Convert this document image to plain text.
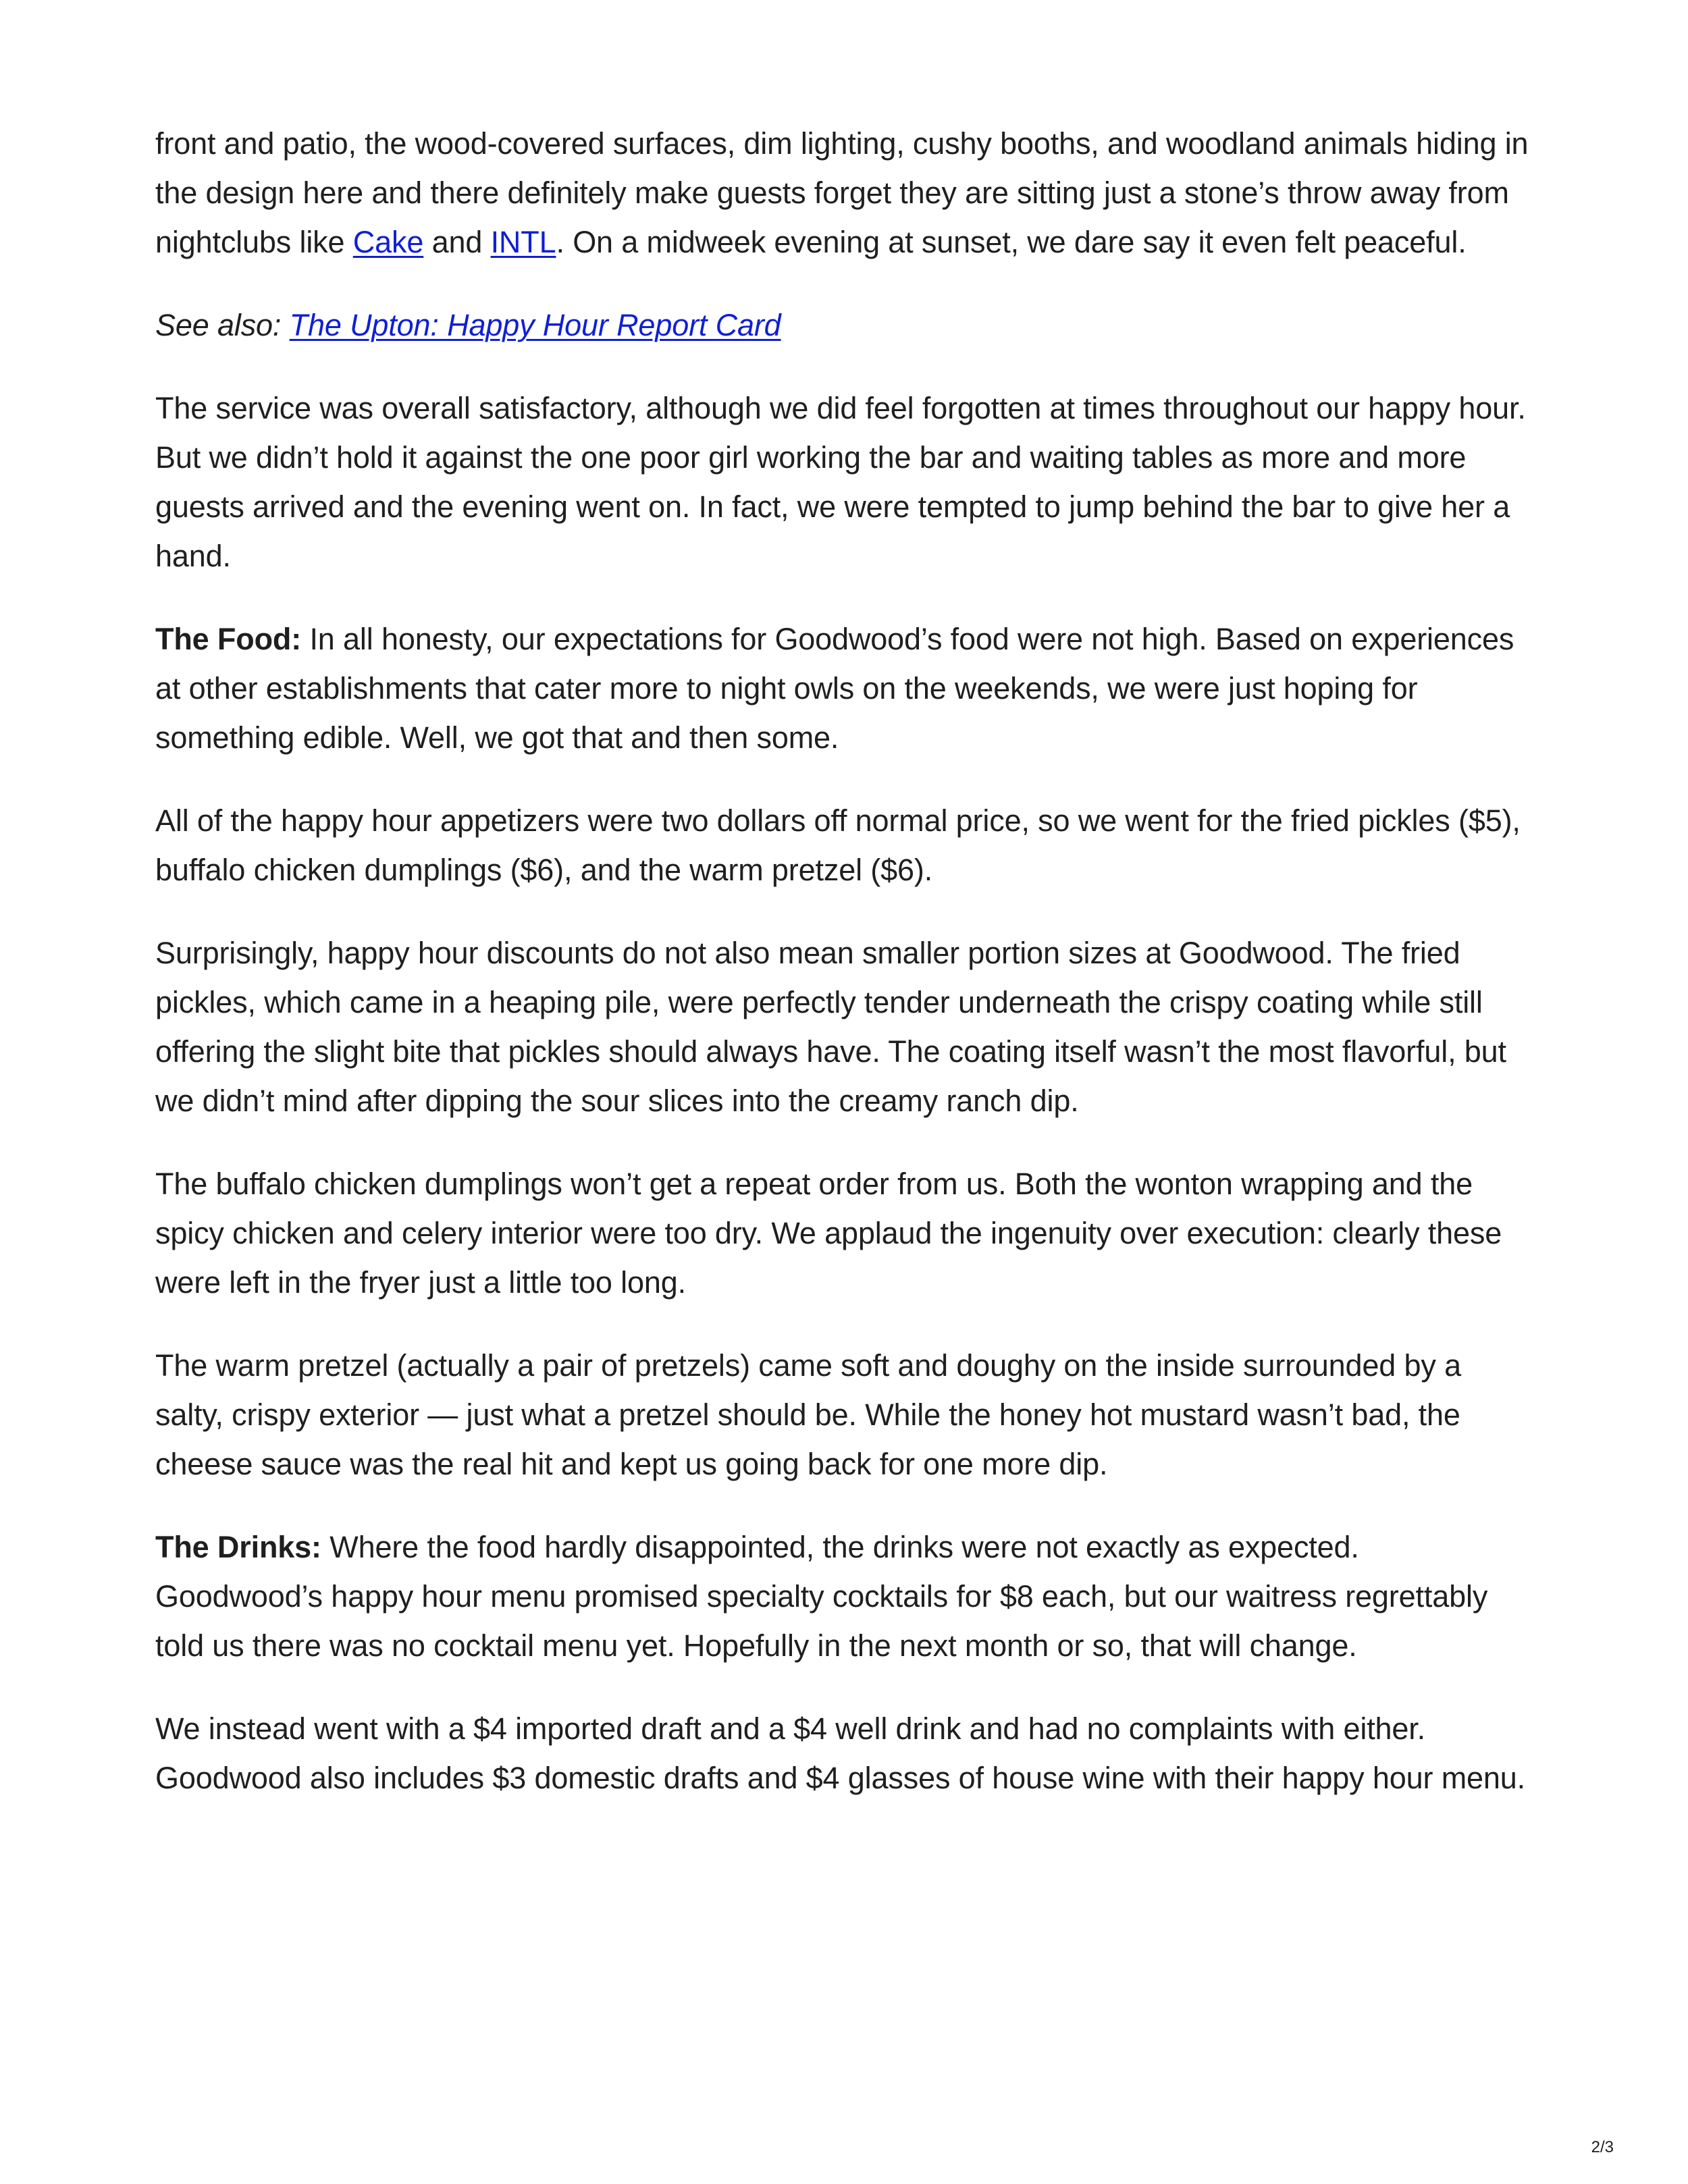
front and patio, the wood-covered surfaces, dim lighting, cushy booths, and woodland animals hiding in the design here and there definitely make guests forget they are sitting just a stone’s throw away from nightclubs like Cake and INTL. On a midweek evening at sunset, we dare say it even felt peaceful.

See also: The Upton: Happy Hour Report Card

The service was overall satisfactory, although we did feel forgotten at times throughout our happy hour. But we didn’t hold it against the one poor girl working the bar and waiting tables as more and more guests arrived and the evening went on. In fact, we were tempted to jump behind the bar to give her a hand.

The Food: In all honesty, our expectations for Goodwood’s food were not high. Based on experiences at other establishments that cater more to night owls on the weekends, we were just hoping for something edible. Well, we got that and then some.

All of the happy hour appetizers were two dollars off normal price, so we went for the fried pickles ($5), buffalo chicken dumplings ($6), and the warm pretzel ($6).

Surprisingly, happy hour discounts do not also mean smaller portion sizes at Goodwood. The fried pickles, which came in a heaping pile, were perfectly tender underneath the crispy coating while still offering the slight bite that pickles should always have. The coating itself wasn’t the most flavorful, but we didn’t mind after dipping the sour slices into the creamy ranch dip.

The buffalo chicken dumplings won’t get a repeat order from us. Both the wonton wrapping and the spicy chicken and celery interior were too dry. We applaud the ingenuity over execution: clearly these were left in the fryer just a little too long.

The warm pretzel (actually a pair of pretzels) came soft and doughy on the inside surrounded by a salty, crispy exterior — just what a pretzel should be. While the honey hot mustard wasn’t bad, the cheese sauce was the real hit and kept us going back for one more dip.

The Drinks: Where the food hardly disappointed, the drinks were not exactly as expected. Goodwood’s happy hour menu promised specialty cocktails for $8 each, but our waitress regrettably told us there was no cocktail menu yet. Hopefully in the next month or so, that will change.

We instead went with a $4 imported draft and a $4 well drink and had no complaints with either. Goodwood also includes $3 domestic drafts and $4 glasses of house wine with their happy hour menu.

2/3
